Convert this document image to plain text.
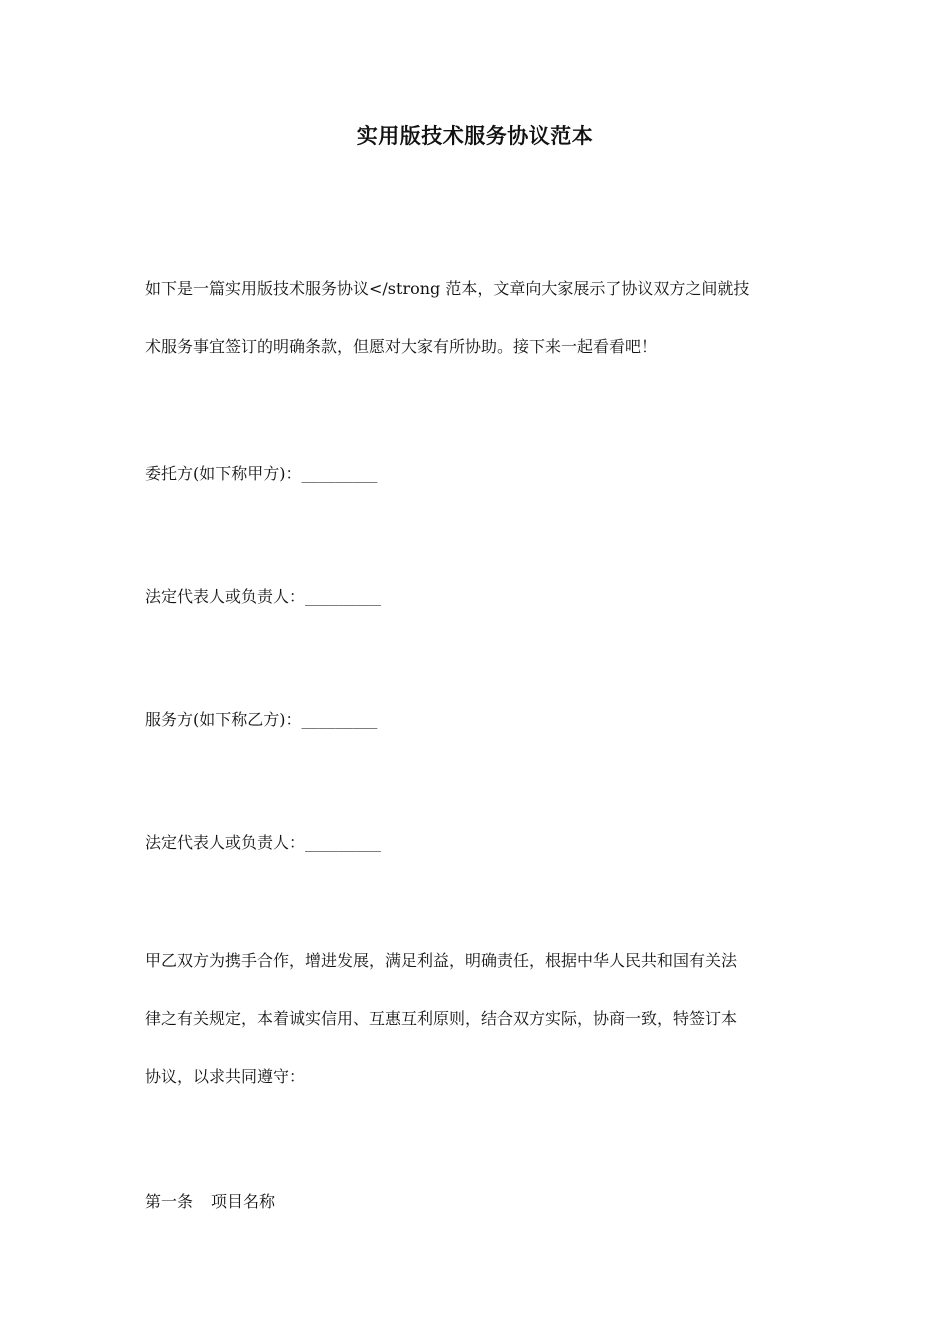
实用版技术服务协议范本

如下是一篇实用版技术服务协议</strong 范本，文章向大家展示了协议双方之间就技
术服务事宜签订的明确条款，但愿对大家有所协助。接下来一起看看吧！

委托方(如下称甲方)：_________

法定代表人或负责人：_________

服务方(如下称乙方)：_________

法定代表人或负责人：_________

甲乙双方为携手合作，增进发展，满足利益，明确责任，根据中华人民共和国有关法
律之有关规定，本着诚实信用、互惠互利原则，结合双方实际，协商一致，特签订本
协议，以求共同遵守：

第一条 项目名称
